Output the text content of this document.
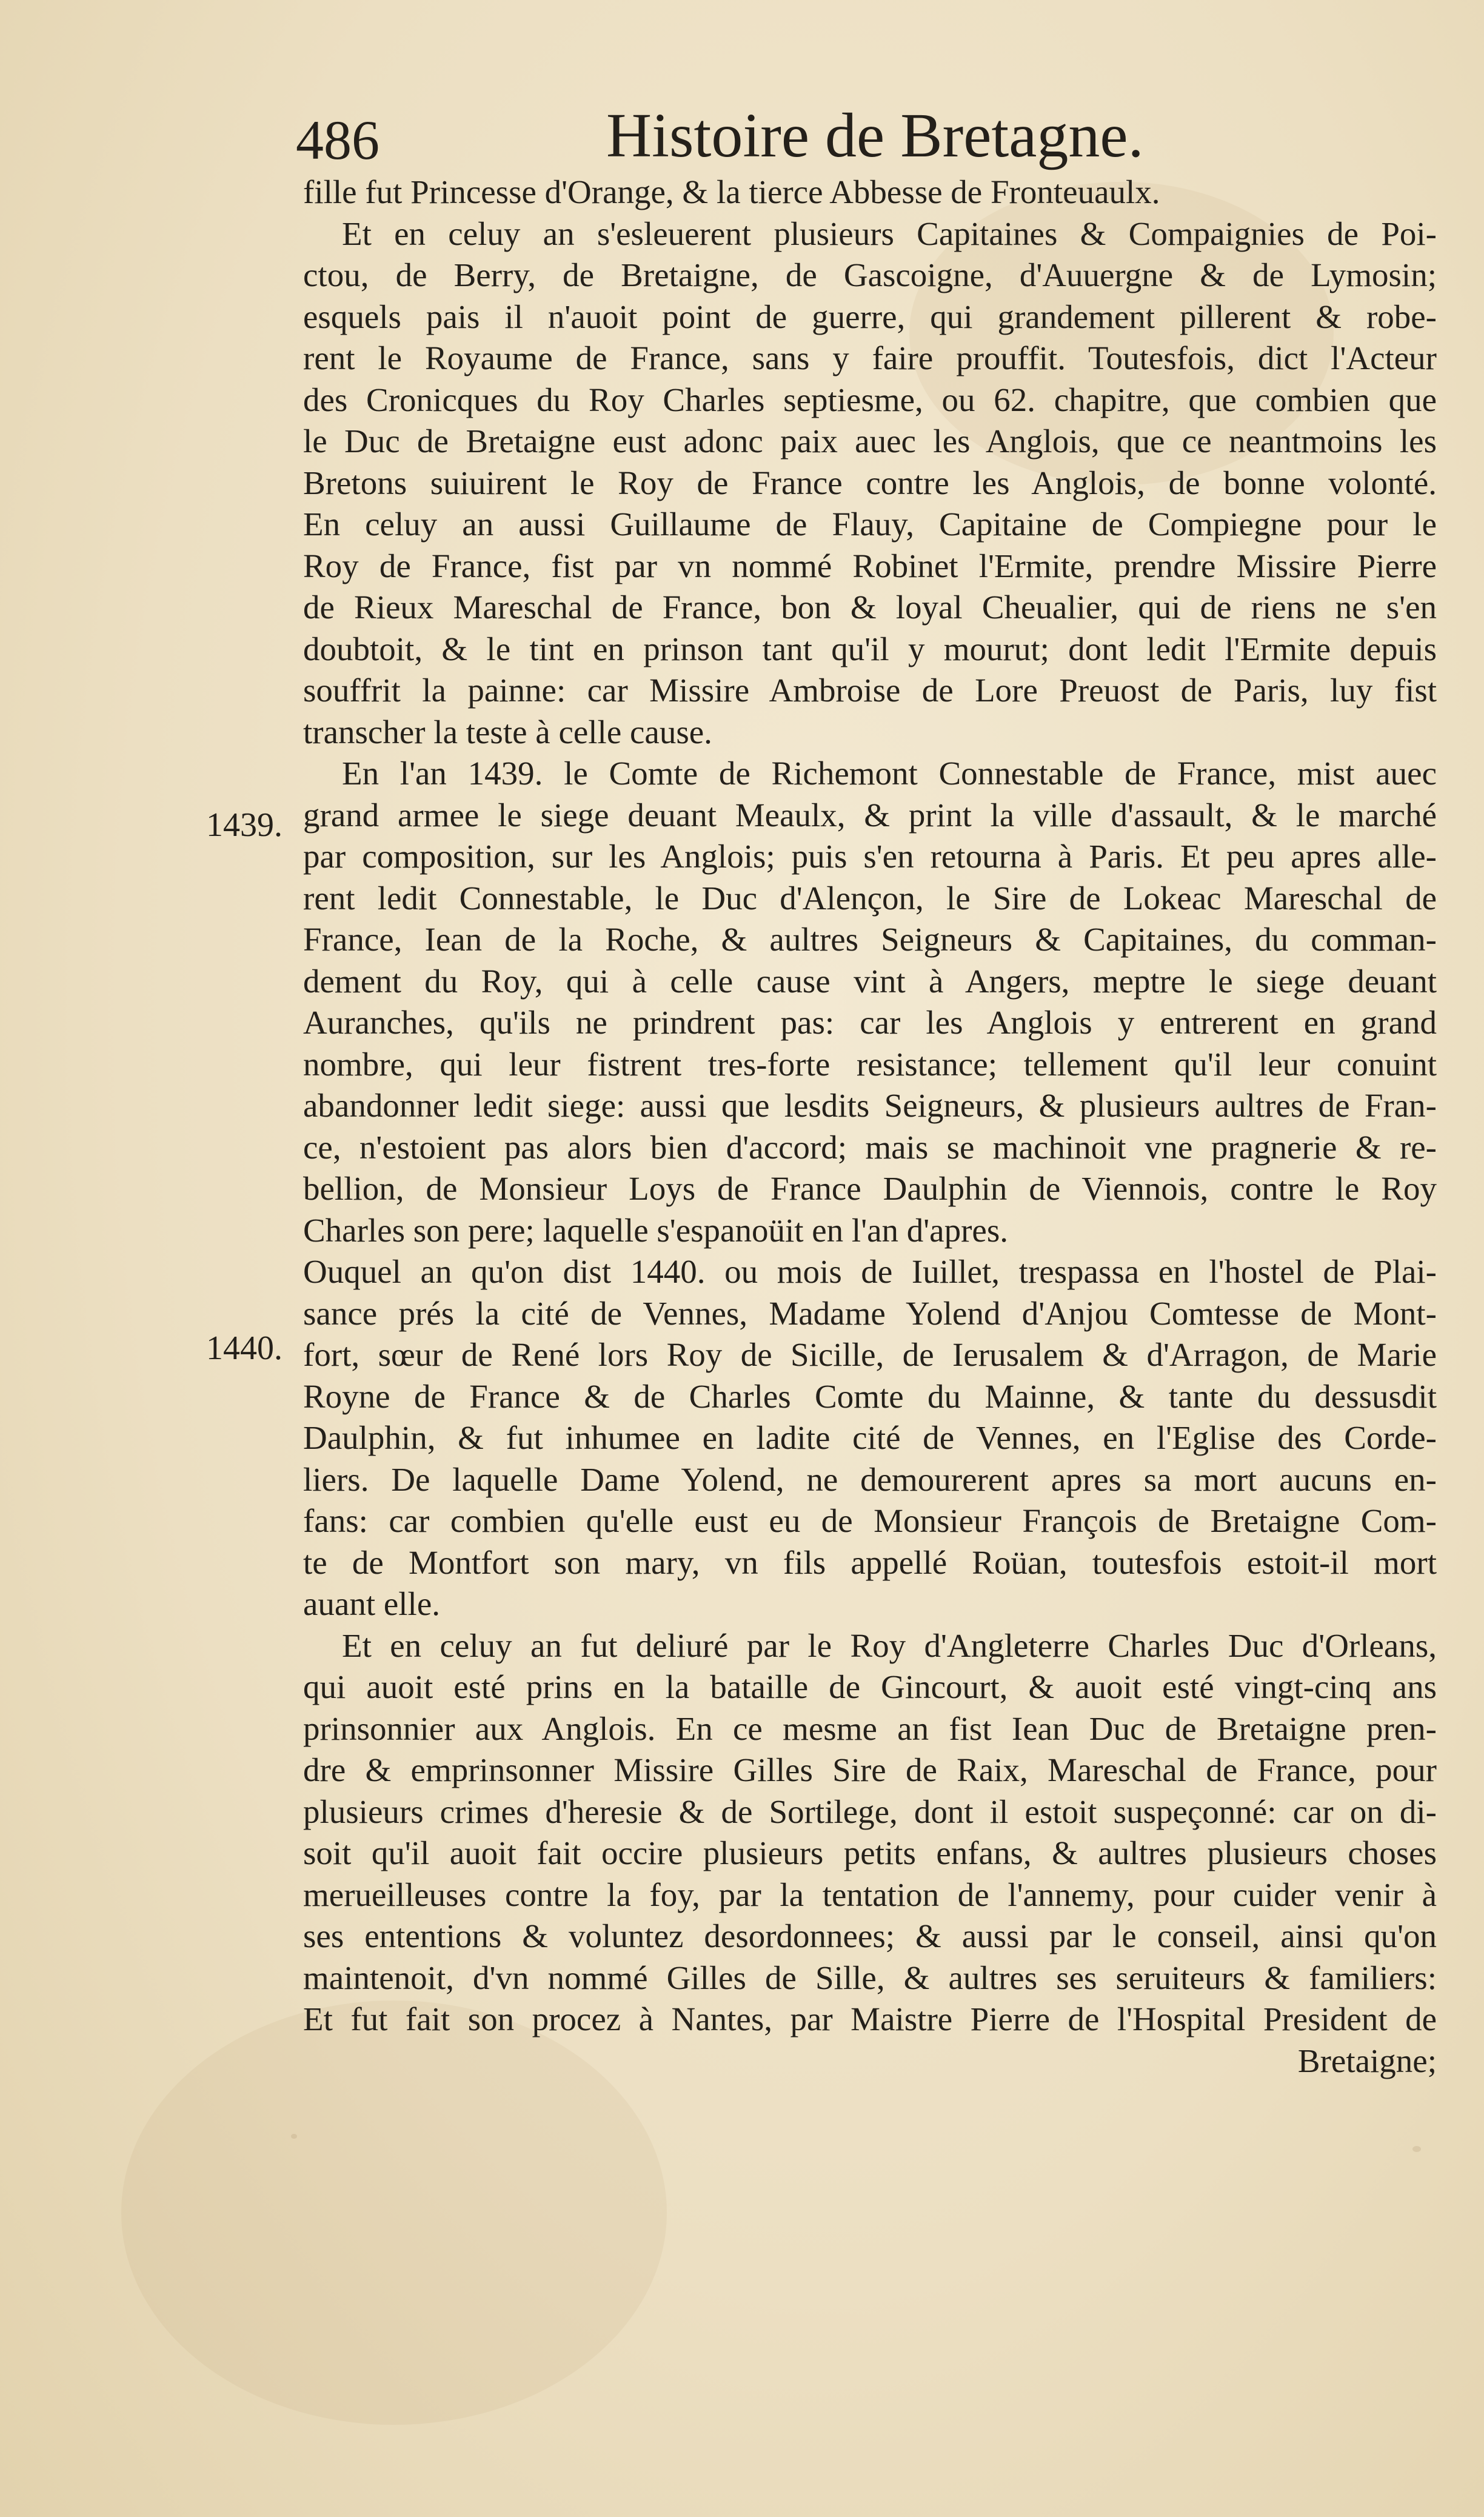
486	Histoire de Bretagne.
1439.
1440.

fille fut Princesse d'Orange, & la tierce Abbesse de Fronteuaulx.

Et en celuy an s'esleuerent plusieurs Capitaines & Compaignies de Poi-
ctou, de Berry, de Bretaigne, de Gascoigne, d'Auuergne & de Lymosin;
esquels pais il n'auoit point de guerre, qui grandement pillerent & robe-
rent le Royaume de France, sans y faire prouffit. Toutesfois, dict l'Acteur
des Cronicques du Roy Charles septiesme, ou 62. chapitre, que combien que
le Duc de Bretaigne eust adonc paix auec les Anglois, que ce neantmoins les
Bretons suiuirent le Roy de France contre les Anglois, de bonne volonté.
En celuy an aussi Guillaume de Flauy, Capitaine de Compiegne pour le
Roy de France, fist par vn nommé Robinet l'Ermite, prendre Missire Pierre
de Rieux Mareschal de France, bon & loyal Cheualier, qui de riens ne s'en
doubtoit, & le tint en prinson tant qu'il y mourut; dont ledit l'Ermite depuis
souffrit la painne: car Missire Ambroise de Lore Preuost de Paris, luy fist
transcher la teste à celle cause.

En l'an 1439. le Comte de Richemont Connestable de France, mist auec
grand armee le siege deuant Meaulx, & print la ville d'assault, & le marché
par composition, sur les Anglois; puis s'en retourna à Paris. Et peu apres alle-
rent ledit Connestable, le Duc d'Alençon, le Sire de Lokeac Mareschal de
France, Iean de la Roche, & aultres Seigneurs & Capitaines, du comman-
dement du Roy, qui à celle cause vint à Angers, meptre le siege deuant
Auranches, qu'ils ne prindrent pas: car les Anglois y entrerent en grand
nombre, qui leur fistrent tres-forte resistance; tellement qu'il leur conuint
abandonner ledit siege: aussi que lesdits Seigneurs, & plusieurs aultres de Fran-
ce, n'estoient pas alors bien d'accord; mais se machinoit vne pragnerie & re-
bellion, de Monsieur Loys de France Daulphin de Viennois, contre le Roy
Charles son pere; laquelle s'espanoüit en l'an d'apres.

Ouquel an qu'on dist 1440. ou mois de Iuillet, trespassa en l'hostel de Plai-
sance prés la cité de Vennes, Madame Yolend d'Anjou Comtesse de Mont-
fort, sœur de René lors Roy de Sicille, de Ierusalem & d'Arragon, de Marie
Royne de France & de Charles Comte du Mainne, & tante du dessusdit
Daulphin, & fut inhumee en ladite cité de Vennes, en l'Eglise des Corde-
liers. De laquelle Dame Yolend, ne demourerent apres sa mort aucuns en-
fans: car combien qu'elle eust eu de Monsieur François de Bretaigne Com-
te de Montfort son mary, vn fils appellé Roüan, toutesfois estoit-il mort
auant elle.

Et en celuy an fut deliuré par le Roy d'Angleterre Charles Duc d'Orleans,
qui auoit esté prins en la bataille de Gincourt, & auoit esté vingt-cinq ans
prinsonnier aux Anglois. En ce mesme an fist Iean Duc de Bretaigne pren-
dre & emprinsonner Missire Gilles Sire de Raix, Mareschal de France, pour
plusieurs crimes d'heresie & de Sortilege, dont il estoit suspeçonné: car on di-
soit qu'il auoit fait occire plusieurs petits enfans, & aultres plusieurs choses
merueilleuses contre la foy, par la tentation de l'annemy, pour cuider venir à
ses ententions & voluntez desordonnees; & aussi par le conseil, ainsi qu'on
maintenoit, d'vn nommé Gilles de Sille, & aultres ses seruiteurs & familiers:
Et fut fait son procez à Nantes, par Maistre Pierre de l'Hospital President de

Bretaigne;
